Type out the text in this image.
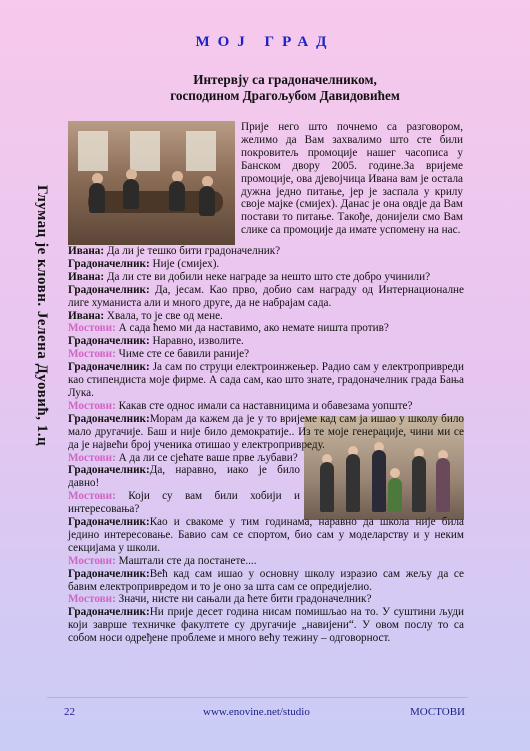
МОЈ ГРАД
Интервју са градоначелником,
господином Драгољубом Давидовићем
Глумац је кловн. Јелена Дуовић, 1.ц
Прије него што почнемо са разговором, желимо да Вам захвалимо што сте били покровитељ промоције нашег часописа у Банском двору 2005. године.За вријеме промоције, ова дјевојчица Ивана вам је остала дужна једно питање, јер је заспала у крилу своје мајке (смијех). Данас је она овдје да Вам постави то питање. Такође, донијели смо Вам слике са промоције да имате успомену на нас.

Ивана: Да ли је тешко бити градоначелник?

Градоначелник: Није (смијех).

Ивана: Да ли сте ви добили неке награде за нешто што сте добро учинили?

Градоначелник: Да, јесам. Као прво, добио сам награду од Интернационалне лиге хуманиста али и много друге, да не набрајам сада.

Ивана: Хвала, то је све од мене.

Мостови: А сада ћемо ми да наставимо, ако немате ништа против?

Градоначелник: Наравно, изволите.

Мостови: Чиме сте се бавили раније?

Градоначелник: Ја сам по струци електроинжењер. Радио сам у електропривреди као стипендиста моје фирме. А сада сам, као што знате, градоначелник града Бања Лука.

Мостови: Какав сте однос имали са наставницима и обавезама уопште?

Градоначелник:Морам да кажем да је у то вријеме кад сам ја ишао у школу било мало другачије. Баш и није било демократије.. Из те моје генерације, чини ми се да је највећи број ученика отишао у електропривреду.

Мостови: А да ли се сјећате ваше прве љубави?

Градоначелник:Да, наравно, иако је било давно!

Мостови: Који су вам били хобији и интересовања?

Градоначелник:Као и свакоме у тим годинама, наравно да школа није била једино интересовање. Бавио сам се спортом, био сам у моделарству и у неким секцијама у школи.

Мостови: Маштали сте да постанете....

Градоначелник:Већ кад сам ишао у основну школу изразио сам жељу да се бавим електропривредом и то је оно за шта сам се опредијелио.

Мостови: Значи, нисте ни сањали да ћете бити градоначелник?

Градоначелник:Ни прије десет година нисам помишљао на то. У суштини људи који заврше техничке факултете су другачије „навијени“. У овом послу то са собом носи одређене проблеме и много већу тежину – одговорност.

22	www.enovine.net/studio	МОСТОВИ
